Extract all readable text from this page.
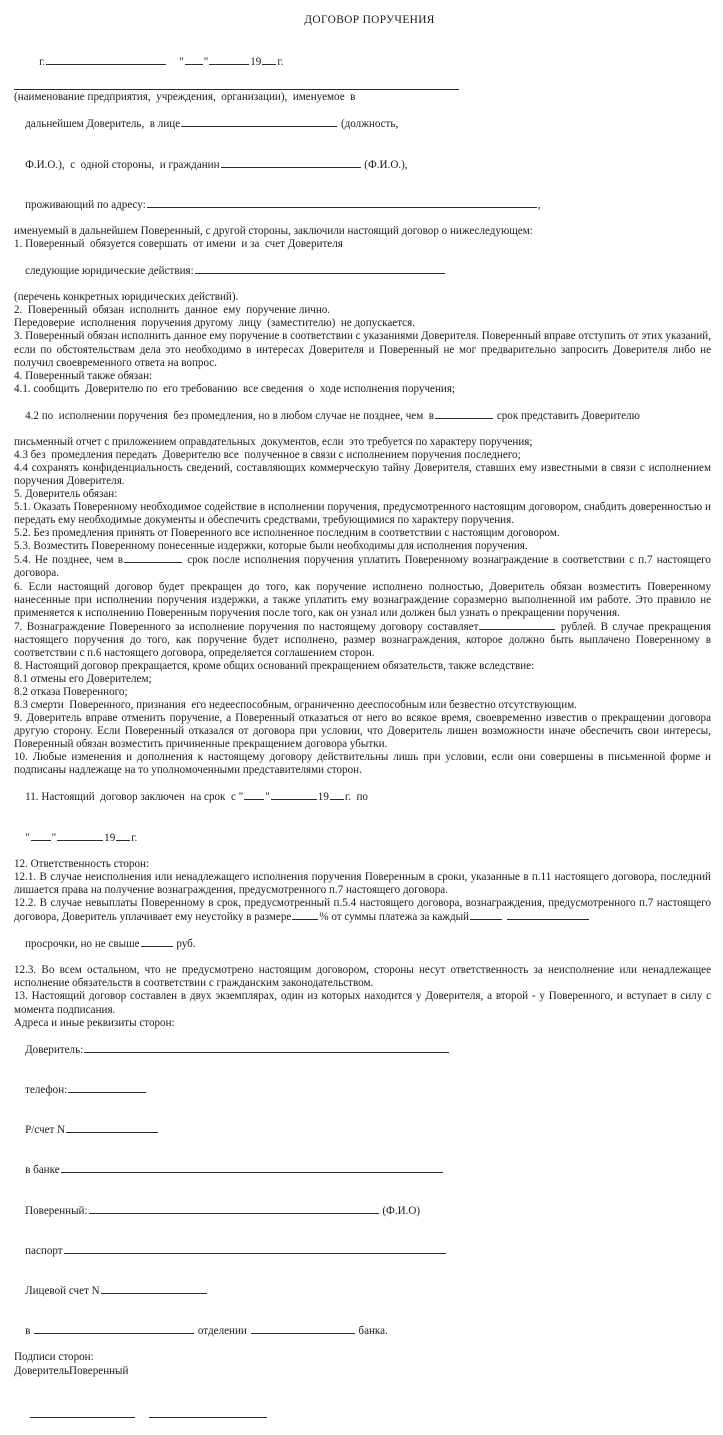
ДОГОВОР ПОРУЧЕНИЯ

г.	" "	19 г.

(наименование предприятия,  учреждения,  организации),  именуемое  в

дальнейшем Доверитель,  в лице	(должность,

Ф.И.О.),  с  одной стороны,  и гражданин	(Ф.И.О.),

проживающий по адресу:	,

именуемый в дальнейшем Поверенный, с другой стороны, заключили настоящий договор о нижеследующем:
1. Поверенный  обязуется совершать  от имени  и за  счет Доверителя

следующие юридические действия:

(перечень конкретных юридических действий).
2.  Поверенный  обязан  исполнить  данное  ему  поручение лично.
Передоверие  исполнения  поручения другому  лицу  (заместителю)  не допускается.
3. Поверенный обязан исполнить данное ему поручение в соответствии с указаниями Доверителя. Поверенный вправе отступить от этих указаний, если по обстоятельствам дела это необходимо в интересах Доверителя и Поверенный не мог предварительно запросить Доверителя либо не получил своевременного ответа на вопрос.
4. Поверенный также обязан:
4.1. сообщить  Доверителю по  его требованию  все сведения  о  ходе исполнения поручения;

4.2 по  исполнении поручения  без промедления, но в любом случае не позднее, чем  в	срок представить Доверителю

письменный отчет с приложением оправдательных  документов, если  это требуется по характеру поручения;
4.3 без  промедления передать  Доверителю все  полученное в связи с исполнением поручения последнего;
4.4 сохранять конфиденциальность сведений, составляющих коммерческую тайну Доверителя, ставших ему известными в связи с исполнением поручения Доверителя.
5. Доверитель обязан:
5.1. Оказать Поверенному необходимое содействие в исполнении поручения, предусмотренного настоящим договором, снабдить доверенностью и передать ему необходимые документы и обеспечить средствами, требующимися по характеру поручения.
5.2. Без промедления принять от Поверенного все исполненное последним в соответствии с настоящим договором.
5.3. Возместить Поверенному понесенные издержки, которые были необходимы для исполнения поручения.
5.4. Не позднее, чем в	срок после исполнения поручения уплатить Поверенному вознаграждение в соответствии с п.7 настоящего договора.
6. Если настоящий договор будет прекращен до того, как поручение исполнено полностью, Доверитель обязан возместить Поверенному нанесенные при исполнении поручения издержки, а также уплатить ему вознаграждение соразмерно выполненной им работе. Это правило не применяется к исполнению Поверенным поручения после того, как он узнал или должен был узнать о прекращении поручения.
7. Вознаграждение Поверенного за исполнение поручения по настоящему договору составляет	рублей. В случае прекращения настоящего поручения до того, как поручение будет исполнено, размер вознаграждения, которое должно быть выплачено Поверенному в соответствии с п.6 настоящего договора, определяется соглашением сторон.
8. Настоящий договор прекращается, кроме общих оснований прекращением обязательств, также вследствие:
8.1 отмены его Доверителем;
8.2 отказа Поверенного;
8.3 смерти  Поверенного, признания  его недееспособным, ограниченно дееспособным или безвестно отсутствующим.
9. Доверитель вправе отменить поручение, а Поверенный отказаться от него во всякое время, своевременно известив о прекращении договора другую сторону. Если Поверенный отказался от договора при условии, что Доверитель лишен возможности иначе обеспечить свои интересы, Поверенный обязан возместить причиненные прекращением договора убытки.
10. Любые изменения и дополнения к настоящему договору действительны лишь при условии, если они совершены в письменной форме и подписаны надлежаще на то уполномоченными представителями сторон.

11. Настоящий  договор заключен  на срок  с " "	19 г.  по

" "	19 г.

12. Ответственность сторон:
12.1. В случае неисполнения или ненадлежащего исполнения поручения Поверенным в сроки, указанные в п.11 настоящего договора, последний лишается права на получение вознаграждения, предусмотренного п.7 настоящего договора.
12.2. В случае невыплаты Поверенному в срок, предусмотренный п.5.4 настоящего договора, вознаграждения, предусмотренного п.7 настоящего договора, Доверитель уплачивает ему неустойку в размере	% от суммы платежа за каждый

просрочки, но не свыше	руб.

12.3. Во всем остальном, что не предусмотрено настоящим договором, стороны несут ответственность за неисполнение или ненадлежащее исполнение обязательств в соответствии с гражданским законодательством.
13. Настоящий договор составлен в двух экземплярах, один из которых находится у Доверителя, а второй - у Поверенного, и вступает в силу с момента подписания.
Адреса и иные реквизиты сторон:

Доверитель:

телефон:

Р/счет N

в банке

Поверенный:	(Ф.И.О)

паспорт

Лицевой счет N

в	отделении	банка.

Подписи сторон:
ДоверительПоверенный
